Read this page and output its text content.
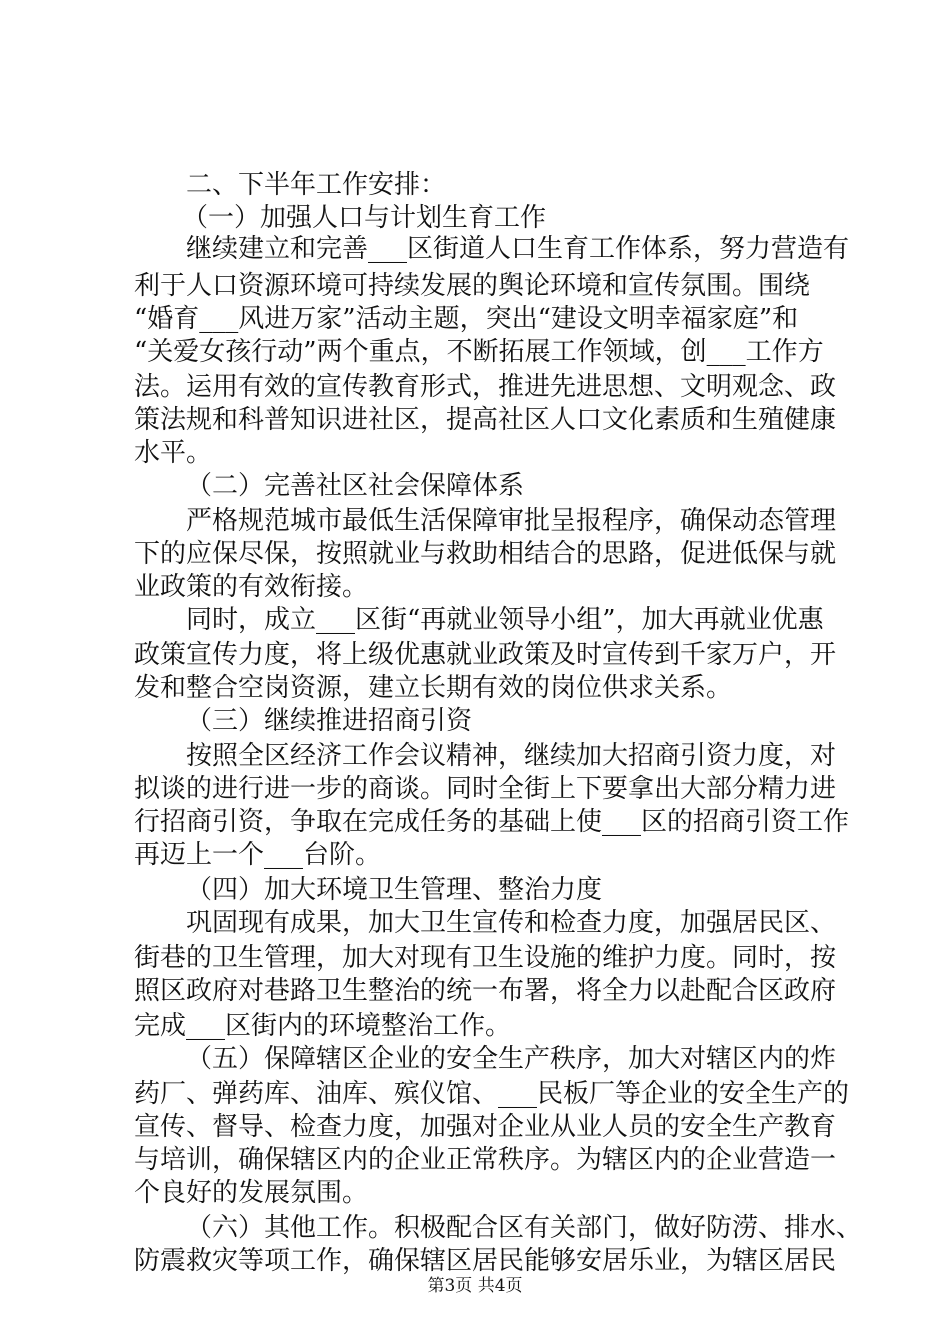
二、下半年工作安排：
（一）加强人口与计划生育工作
继续建立和完善___区街道人口生育工作体系，努力营造有
利于人口资源环境可持续发展的舆论环境和宣传氛围。围绕
“婚育___风进万家”活动主题，突出“建设文明幸福家庭”和
“关爱女孩行动”两个重点，不断拓展工作领域，创___工作方
法。运用有效的宣传教育形式，推进先进思想、文明观念、政
策法规和科普知识进社区，提高社区人口文化素质和生殖健康
水平。
（二）完善社区社会保障体系
严格规范城市最低生活保障审批呈报程序，确保动态管理
下的应保尽保，按照就业与救助相结合的思路，促进低保与就
业政策的有效衔接。
同时，成立___区街“再就业领导小组”，加大再就业优惠
政策宣传力度，将上级优惠就业政策及时宣传到千家万户，开
发和整合空岗资源，建立长期有效的岗位供求关系。
（三）继续推进招商引资
按照全区经济工作会议精神，继续加大招商引资力度，对
拟谈的进行进一步的商谈。同时全街上下要拿出大部分精力进
行招商引资，争取在完成任务的基础上使___区的招商引资工作
再迈上一个___台阶。
（四）加大环境卫生管理、整治力度
巩固现有成果，加大卫生宣传和检查力度，加强居民区、
街巷的卫生管理，加大对现有卫生设施的维护力度。同时，按
照区政府对巷路卫生整治的统一布署，将全力以赴配合区政府
完成___区街内的环境整治工作。
（五）保障辖区企业的安全生产秩序，加大对辖区内的炸
药厂、弹药库、油库、殡仪馆、___民板厂等企业的安全生产的
宣传、督导、检查力度，加强对企业从业人员的安全生产教育
与培训，确保辖区内的企业正常秩序。为辖区内的企业营造一
个良好的发展氛围。
（六）其他工作。积极配合区有关部门，做好防涝、排水、
防震救灾等项工作，确保辖区居民能够安居乐业，为辖区居民
第3页 共4页
